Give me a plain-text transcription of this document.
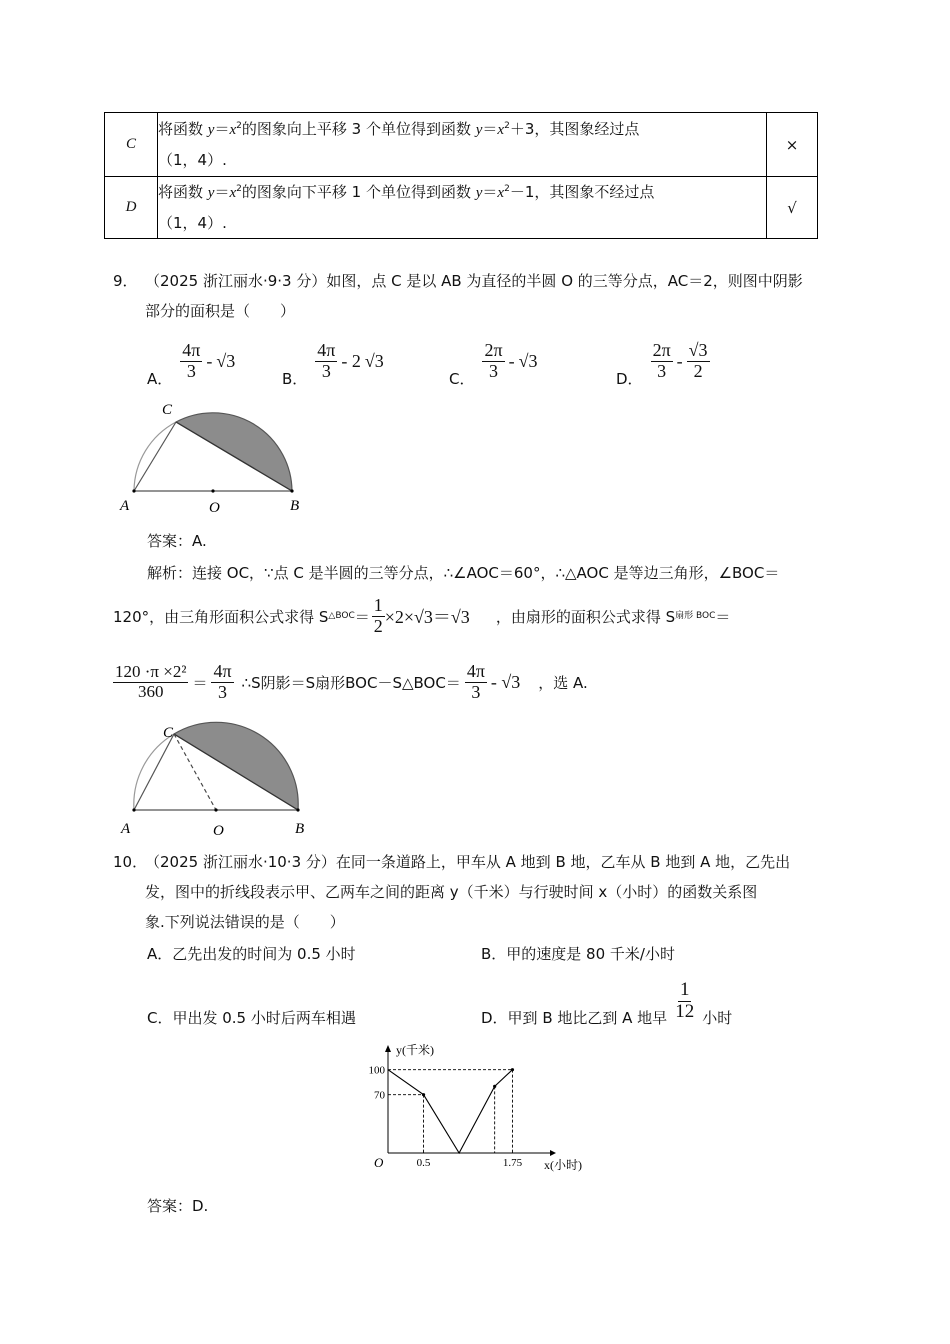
C	将函数 $y=x^2$的图象向上平移 3 个单位得到函数 $y=x^2+3$，其图象经过点
（1，4）.	×
D	将函数 $y=x^2$的图象向下平移 1 个单位得到函数 $y=x^2-1$，其图象不经过点
（1，4）.	√
9． （2025 浙江丽水·9·3 分）如图，点 C 是以 AB 为直径的半圆 O 的三等分点，AC＝2，则图中阴影
部分的面积是（　　）
A． $\frac{4\pi}{3} - √3$
B． $\frac{4\pi}{3} - 2$ √3
C． $\frac{2\pi}{3} - √3$
D． $\frac{2\pi}{3} - \frac{√3}{2}$
C
A	O	B
答案：A.
解析：连接 OC，∵点 C 是半圆的三等分点，∴∠AOC＝60°，∴△AOC 是等边三角形，∠BOC＝
120°，由三角形面积公式求得 S △BOC ＝ $\frac{1}{2} \times 2\times√3=√3$ ，由扇形的面积公式求得 S 扇形 BOC ＝
$\frac{\text{120 ·π ×2²}}{360} = \frac{4\pi}{3}$ ∴S阴影＝S扇形BOC－S△BOC＝ $\frac{4\pi}{3} - √3$ ，选 A.
C
A	O	B
10．
（2025 浙江丽水·10·3 分）在同一条道路上，甲车从 A 地到 B 地，乙车从 B 地到 A 地，乙先出
发，图中的折线段表示甲、乙两车之间的距离 y（千米）与行驶时间 x（小时）的函数关系图
象.下列说法错误的是（　　）
A．乙先出发的时间为 0.5 小时	B．甲的速度是 80 千米/小时
C．甲出发 0.5 小时后两车相遇	D．甲到 B 地比乙到 A 地早 $\frac{1}{12}$ 小时
y(千米)
x(小时)
O
70
100
0.5	1.75
答案：D.
